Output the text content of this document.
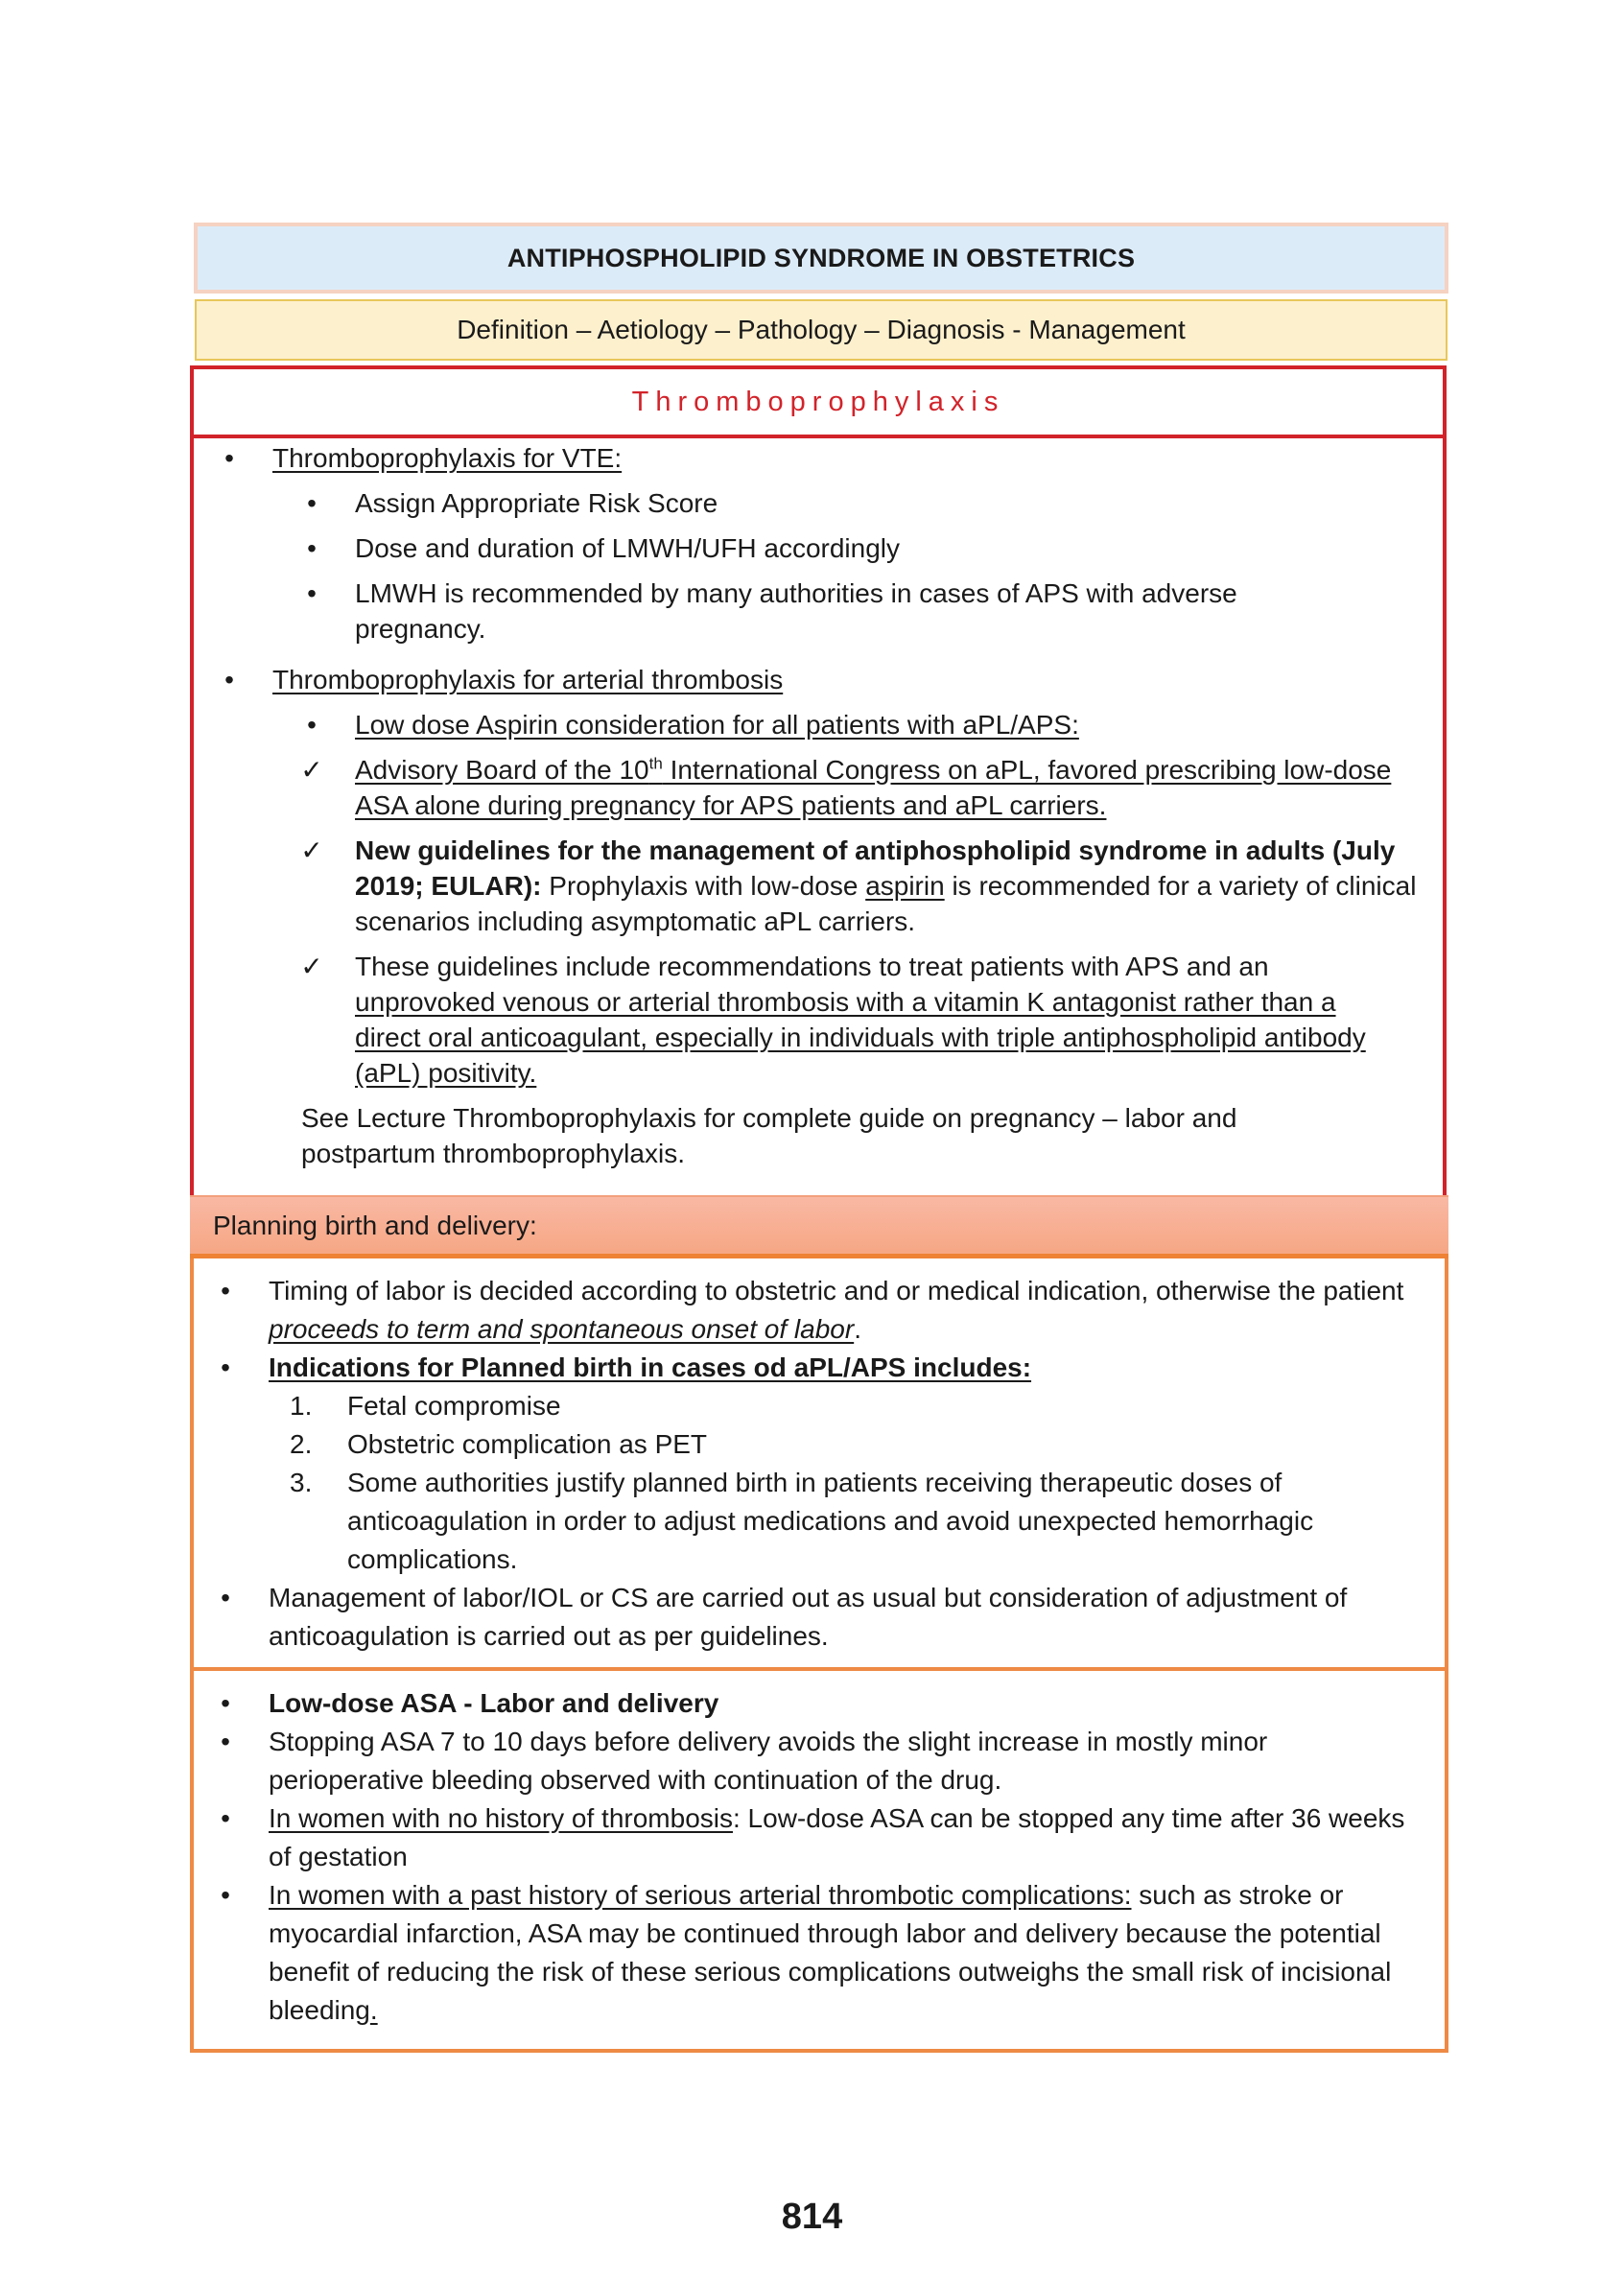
ANTIPHOSPHOLIPID SYNDROME IN OBSTETRICS
Definition – Aetiology – Pathology – Diagnosis - Management
Thromboprophylaxis
•	Thromboprophylaxis for VTE:
•	Assign Appropriate Risk Score
•	Dose and duration of LMWH/UFH accordingly
•	LMWH is recommended by many authorities in cases of APS with adverse pregnancy.
•	Thromboprophylaxis for arterial thrombosis
•	Low dose Aspirin consideration for all patients with aPL/APS:
✓ Advisory Board of the 10th International Congress on aPL, favored prescribing low-dose ASA alone during pregnancy for APS patients and aPL carriers.
✓ New guidelines for the management of antiphospholipid syndrome in adults (July 2019; EULAR): Prophylaxis with low-dose aspirin is recommended for a variety of clinical scenarios including asymptomatic aPL carriers.
✓ These guidelines include recommendations to treat patients with APS and an unprovoked venous or arterial thrombosis with a vitamin K antagonist rather than a direct oral anticoagulant, especially in individuals with triple antiphospholipid antibody (aPL) positivity.
See Lecture Thromboprophylaxis for complete guide on pregnancy – labor and postpartum thromboprophylaxis.
Planning birth and delivery:
•	Timing of labor is decided according to obstetric and or medical indication, otherwise the patient proceeds to term and spontaneous onset of labor.
•	Indications for Planned birth in cases od aPL/APS includes:
1.	Fetal compromise
2.	Obstetric complication as PET
3.	Some authorities justify planned birth in patients receiving therapeutic doses of anticoagulation in order to adjust medications and avoid unexpected hemorrhagic complications.
•	Management of labor/IOL or CS are carried out as usual but consideration of adjustment of anticoagulation is carried out as per guidelines.
•	Low-dose ASA - Labor and delivery
•	Stopping ASA 7 to 10 days before delivery avoids the slight increase in mostly minor perioperative bleeding observed with continuation of the drug.
•	In women with no history of thrombosis: Low-dose ASA can be stopped any time after 36 weeks of gestation
•	In women with a past history of serious arterial thrombotic complications: such as stroke or myocardial infarction, ASA may be continued through labor and delivery because the potential benefit of reducing the risk of these serious complications outweighs the small risk of incisional bleeding.
814
